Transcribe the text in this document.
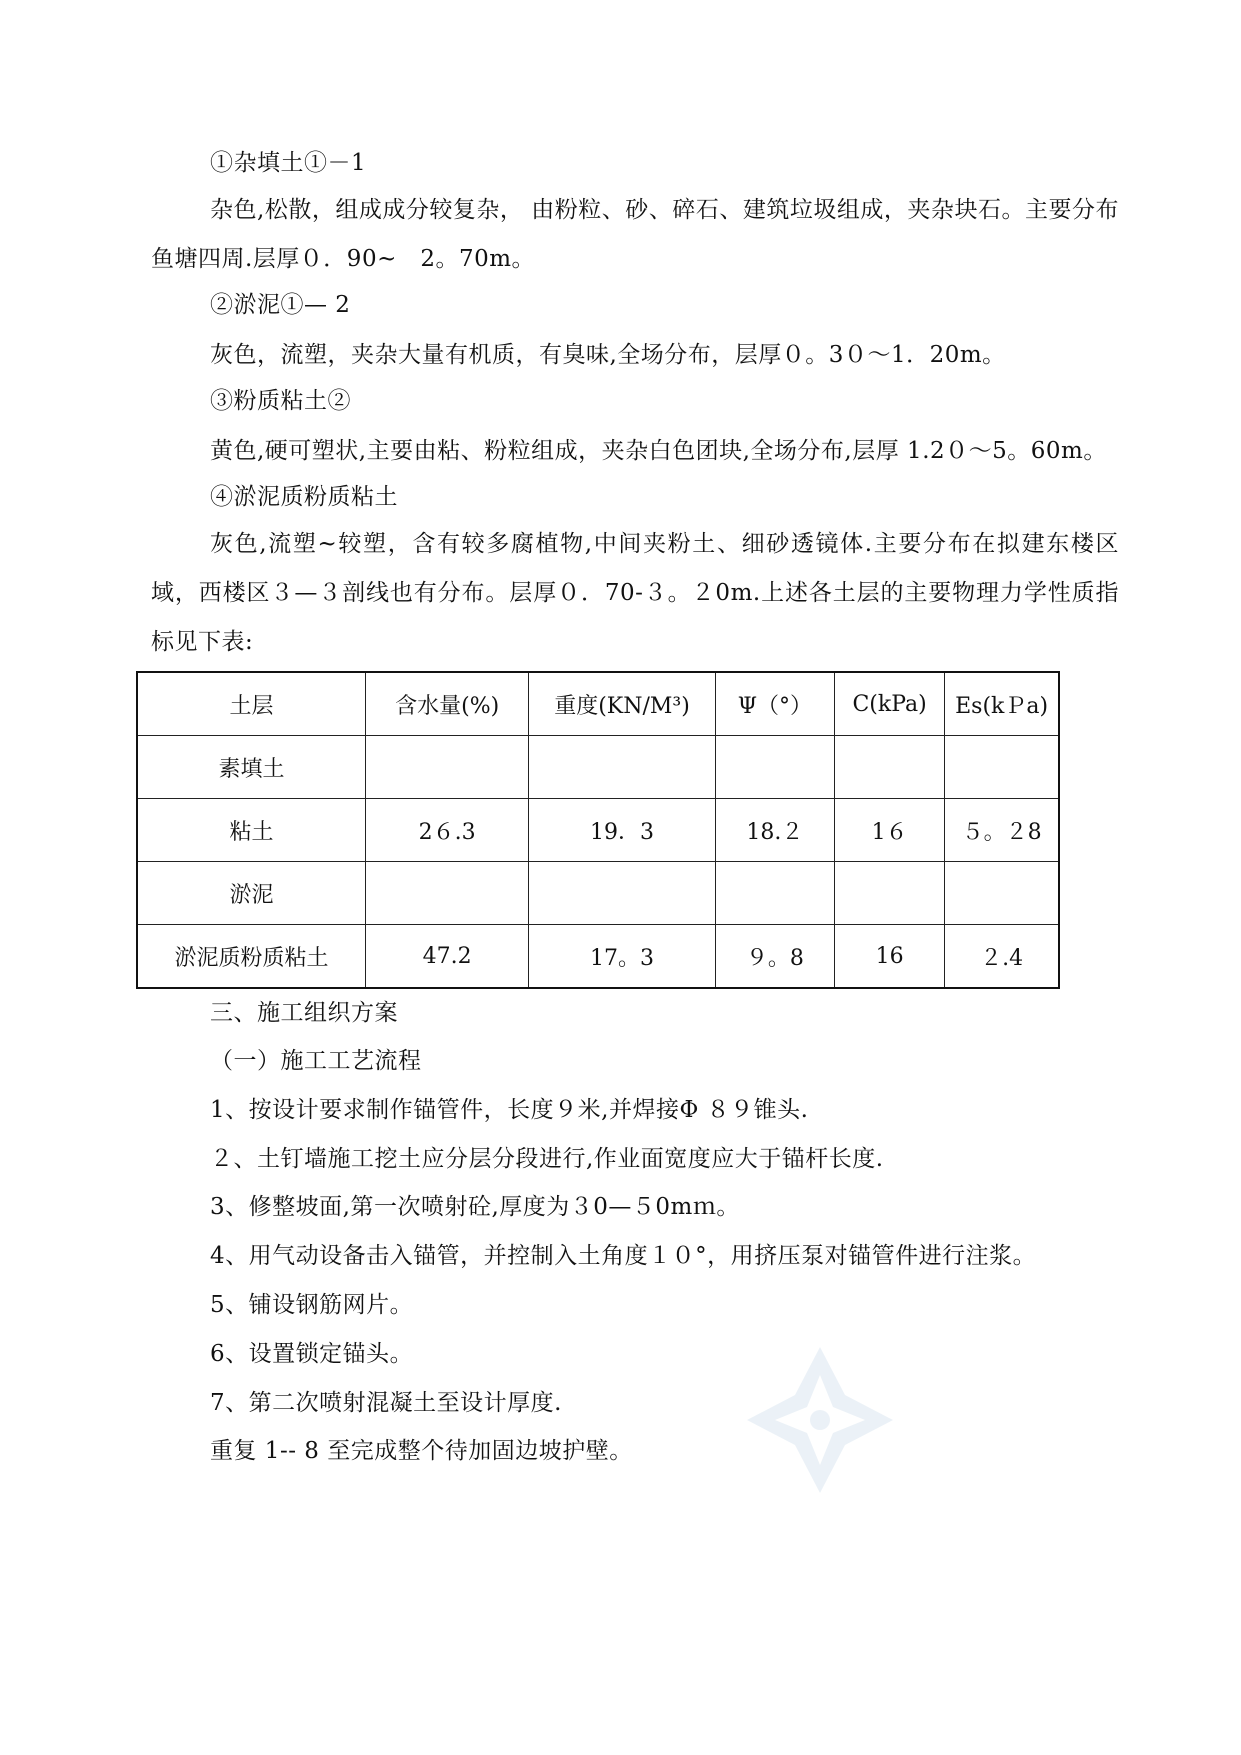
①杂填土①－1
杂色,松散，组成成分较复杂， 由粉粒、砂、碎石、建筑垃圾组成，夹杂块石。主要分布鱼塘四周.层厚０．90~　2。70m。
②淤泥①— 2
灰色，流塑，夹杂大量有机质，有臭味,全场分布，层厚０。3０～1．20m。
③粉质粘土②
黄色,硬可塑状,主要由粘、粉粒组成，夹杂白色团块,全场分布,层厚 1.2０～5。60m。
④淤泥质粉质粘土
灰色,流塑~较塑，含有较多腐植物,中间夹粉土、细砂透镜体.主要分布在拟建东楼区域，西楼区３—３剖线也有分布。层厚０．70-３。２0m.上述各土层的主要物理力学性质指标见下表:
土层	含水量(%)	重度(KN/M³)	Ψ（°）	C(kPa)	Es(kＰa)
素填土					
粘土	2６.3	19．3	18.２	1６	５。２8
淤泥					
淤泥质粉质粘土	47.2	17。3	９。8	16	２.4
三、施工组织方案
（一）施工工艺流程
1、按设计要求制作锚管件，长度９米,并焊接Φ ８９锥头.
２、土钉墙施工挖土应分层分段进行,作业面宽度应大于锚杆长度.
3、修整坡面,第一次喷射砼,厚度为３0—５0mｍ。
4、用气动设备击入锚管，并控制入土角度１０°，用挤压泵对锚管件进行注浆。
5、铺设钢筋网片。
6、设置锁定锚头。
7、第二次喷射混凝土至设计厚度.
重复 1-- 8 至完成整个待加固边坡护壁。
